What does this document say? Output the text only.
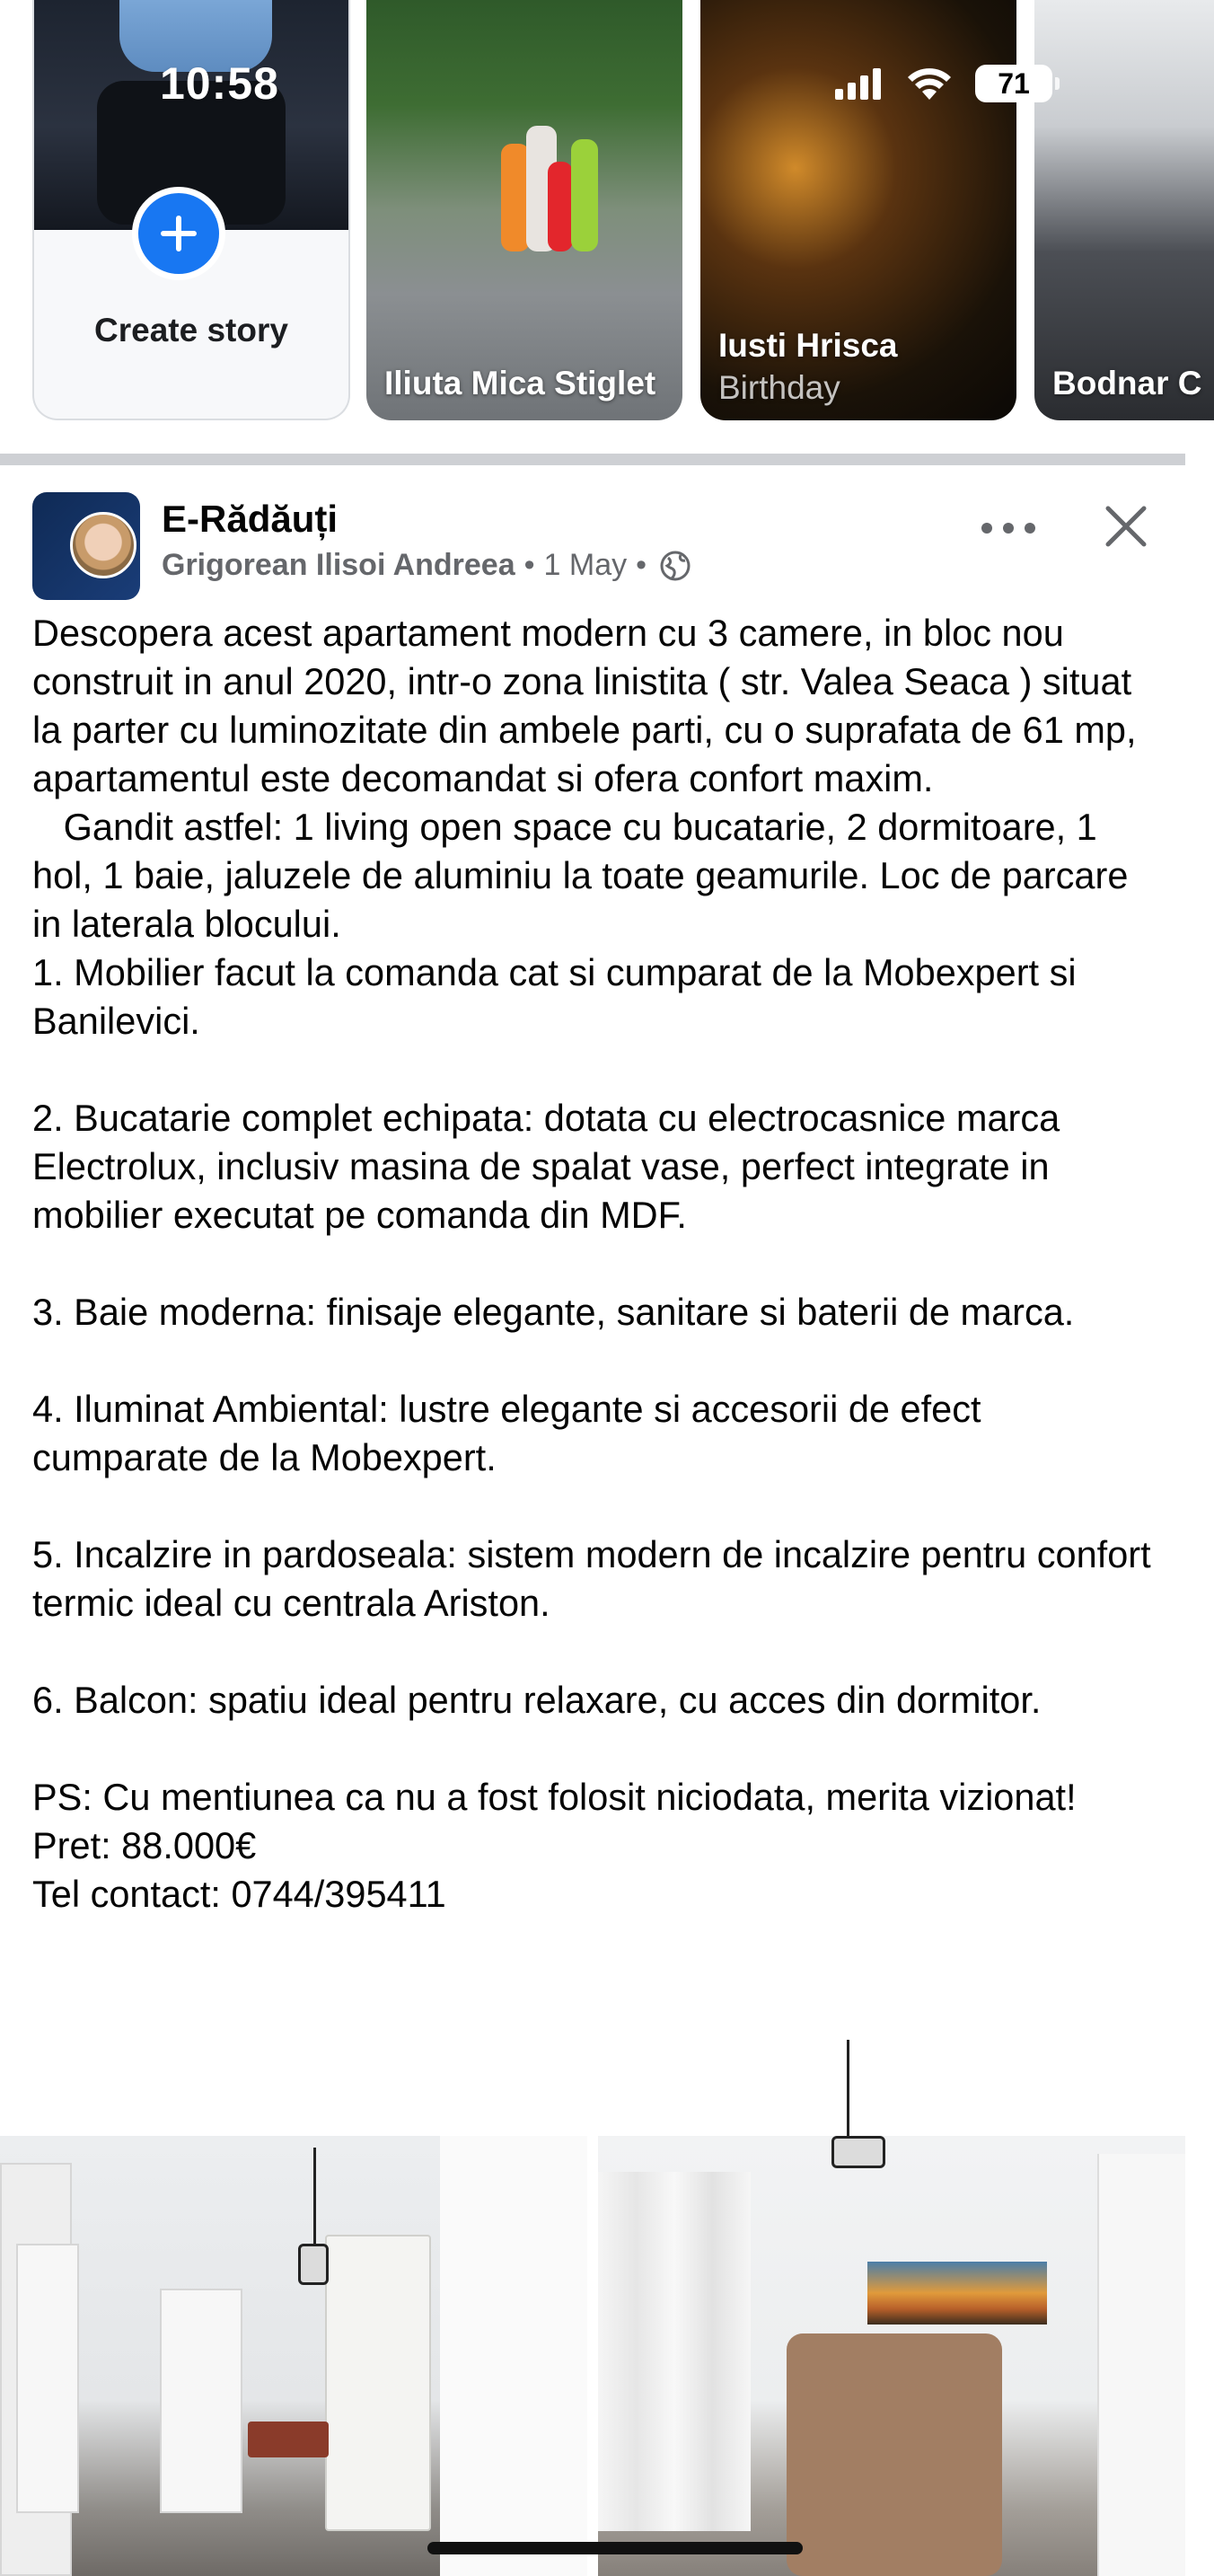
Create story
Iliuta Mica Stiglet
Iusti Hrisca
Birthday	Bodnar C
10:58	71
E-Rădăuți
Grigorean Ilisoi Andreea • 1 May •
Descopera acest apartament modern cu 3 camere, in bloc nou construit in anul 2020, intr-o zona linistita ( str. Valea Seaca ) situat la parter cu luminozitate din ambele parti, cu o suprafata de 61 mp, apartamentul este decomandat si ofera confort maxim.
Gandit astfel: 1 living open space cu bucatarie, 2 dormitoare, 1 hol, 1 baie, jaluzele de aluminiu la toate geamurile. Loc de parcare in laterala blocului.
1. Mobilier facut la comanda cat si cumparat de la Mobexpert si Banilevici.

2. Bucatarie complet echipata: dotata cu electrocasnice marca Electrolux, inclusiv masina de spalat vase, perfect integrate in mobilier executat pe comanda din MDF.

3. Baie moderna: finisaje elegante, sanitare si baterii de marca.

4. Iluminat Ambiental: lustre elegante si accesorii de efect cumparate de la Mobexpert.

5. Incalzire in pardoseala: sistem modern de incalzire pentru confort termic ideal cu centrala Ariston.

6. Balcon: spatiu ideal pentru relaxare, cu acces din dormitor.

PS: Cu mentiunea ca nu a fost folosit niciodata, merita vizionat!
Pret: 88.000€
Tel contact: 0744/395411
